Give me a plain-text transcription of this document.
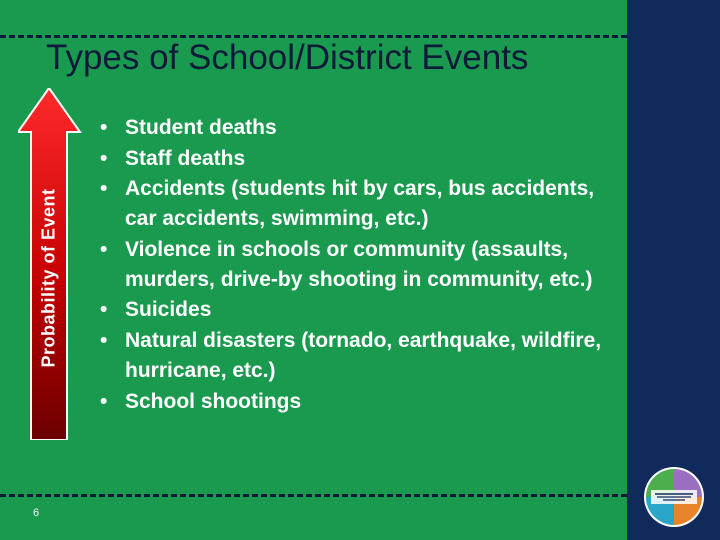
Types of School/District Events
Probability of Event
• Student deaths
• Staff deaths
• Accidents (students hit by cars, bus accidents, car accidents, swimming, etc.)
• Violence in schools or community (assaults, murders, drive-by shooting in community, etc.)
• Suicides
• Natural disasters (tornado, earthquake, wildfire, hurricane, etc.)
• School shootings
6
